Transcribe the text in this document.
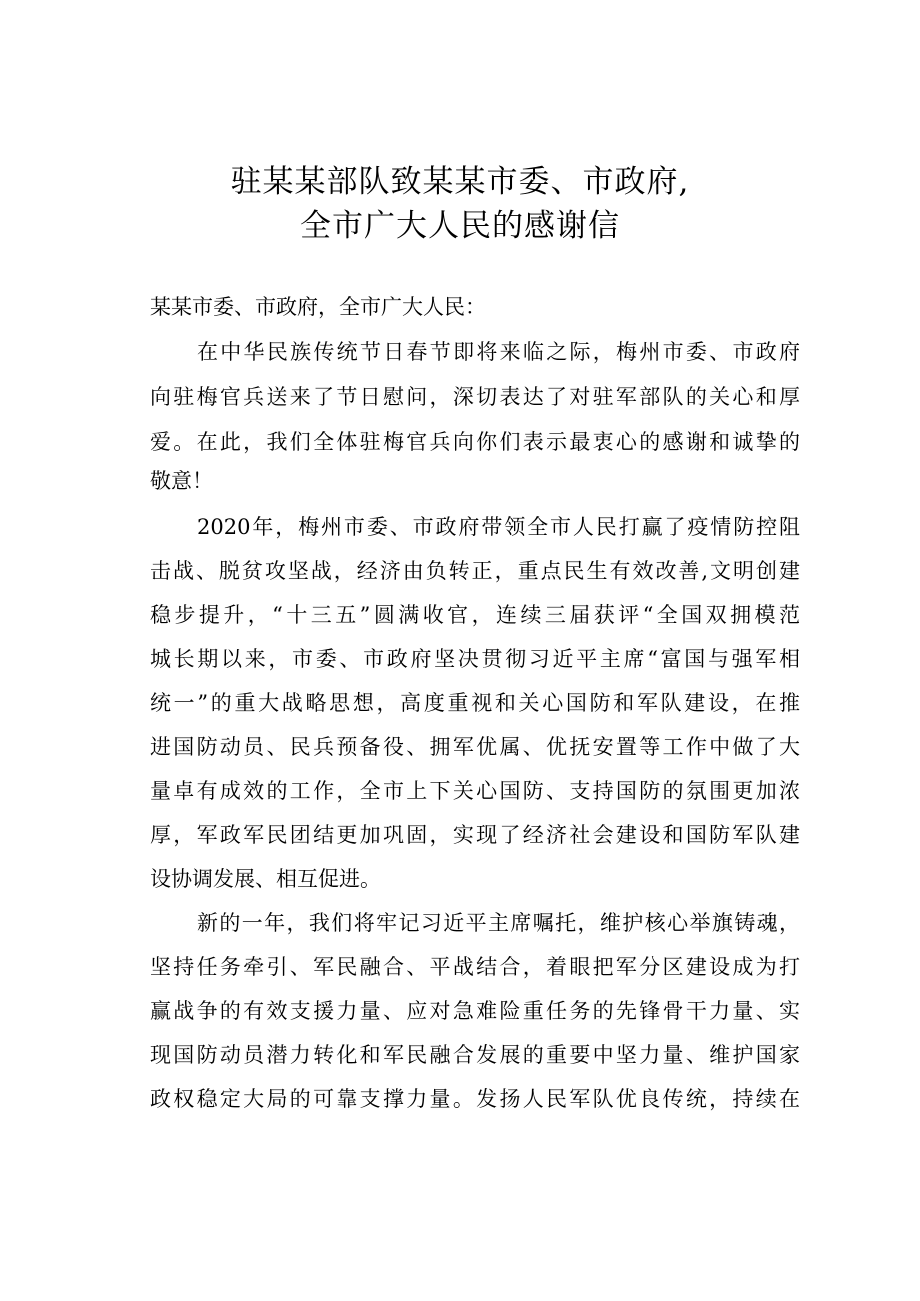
驻某某部队致某某市委、市政府,
全市广大人民的感谢信
某某市委、市政府，全市广大人民：
在中华民族传统节日春节即将来临之际，梅州市委、市政府
向驻梅官兵送来了节日慰问，深切表达了对驻军部队的关心和厚
爱。在此，我们全体驻梅官兵向你们表示最衷心的感谢和诚挚的
敬意！
2020年，梅州市委、市政府带领全市人民打赢了疫情防控阻
击战、脱贫攻坚战，经济由负转正，重点民生有效改善,文明创建
稳步提升，“十三五”圆满收官，连续三届获评“全国双拥模范
城长期以来，市委、市政府坚决贯彻习近平主席“富国与强军相
统一”的重大战略思想，高度重视和关心国防和军队建设，在推
进国防动员、民兵预备役、拥军优属、优抚安置等工作中做了大
量卓有成效的工作，全市上下关心国防、支持国防的氛围更加浓
厚，军政军民团结更加巩固，实现了经济社会建设和国防军队建
设协调发展、相互促进。
新的一年，我们将牢记习近平主席嘱托，维护核心举旗铸魂，
坚持任务牵引、军民融合、平战结合，着眼把军分区建设成为打
赢战争的有效支援力量、应对急难险重任务的先锋骨干力量、实
现国防动员潜力转化和军民融合发展的重要中坚力量、维护国家
政权稳定大局的可靠支撑力量。发扬人民军队优良传统，持续在
